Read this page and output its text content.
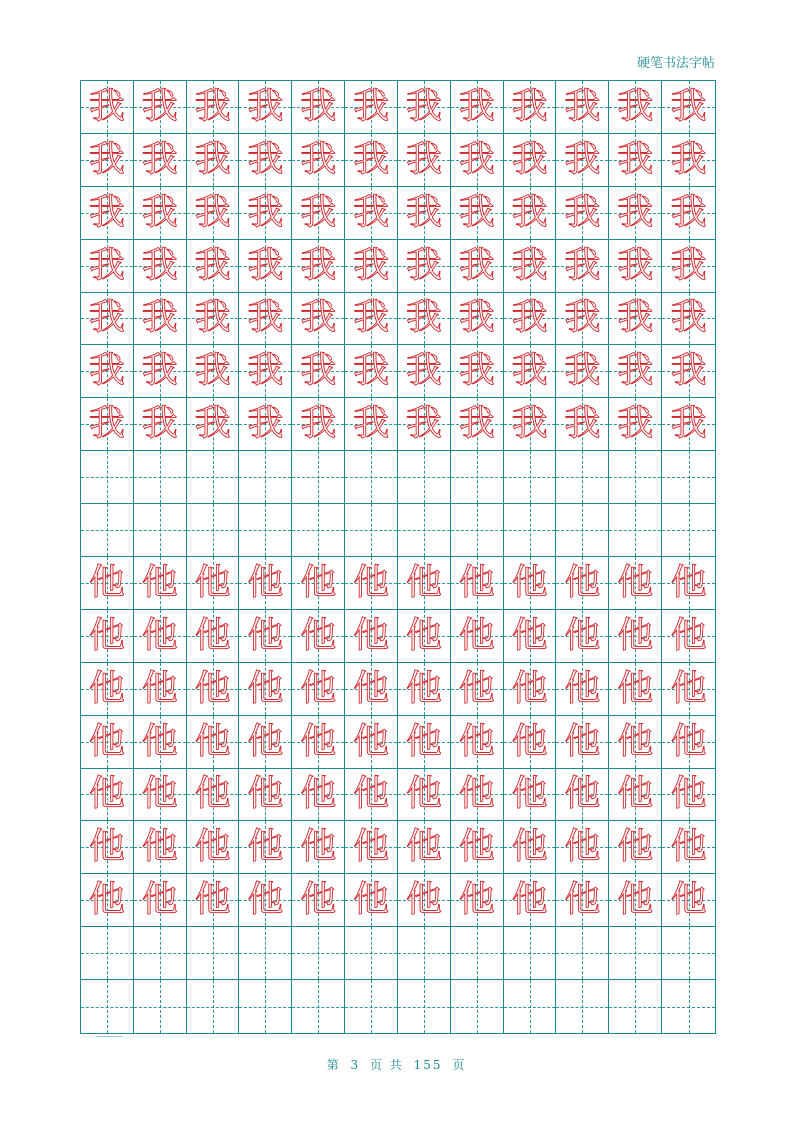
硬笔书法字帖
我 我 我 我 我 我 我 我 我 我 我 我
我 我 我 我 我 我 我 我 我 我 我 我
我 我 我 我 我 我 我 我 我 我 我 我
我 我 我 我 我 我 我 我 我 我 我 我
我 我 我 我 我 我 我 我 我 我 我 我
我 我 我 我 我 我 我 我 我 我 我 我
我 我 我 我 我 我 我 我 我 我 我 我
他 他 他 他 他 他 他 他 他 他 他 他
他 他 他 他 他 他 他 他 他 他 他 他
他 他 他 他 他 他 他 他 他 他 他 他
他 他 他 他 他 他 他 他 他 他 他 他
他 他 他 他 他 他 他 他 他 他 他 他
他 他 他 他 他 他 他 他 他 他 他 他
他 他 他 他 他 他 他 他 他 他 他 他
第 3 页 共 155 页
